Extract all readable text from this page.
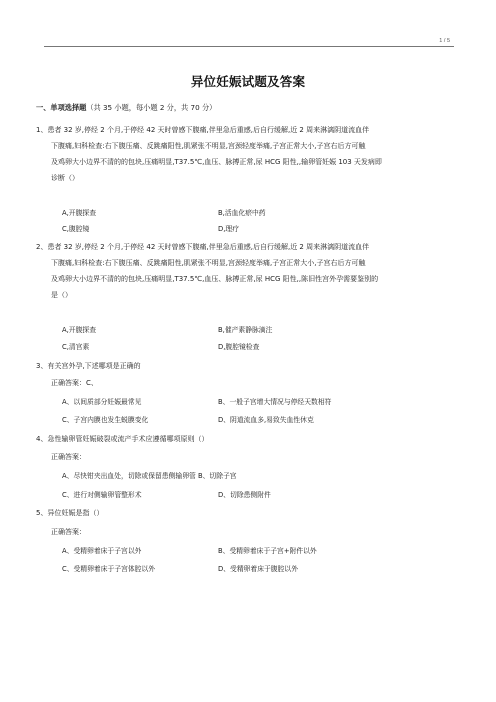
1 / 5
异位妊娠试题及答案
一、单项选择题（共 35 小题，每小题 2 分，共 70 分）
1、患者 32 岁,停经 2 个月,于停经 42 天时曾感下腹痛,伴里急后重感,后自行缓解,近 2 周来淋漓阴道流血伴
下腹痛,妇科检查:右下腹压痛、反跳痛阳性,肌紧张不明显,宫颈轻度举痛,子宫正常大小,子宫右后方可触
及鸡卵大小边界不清的的包块,压痛明显,T37.5℃,血压、脉搏正常,尿 HCG 阳性,,输卵管妊娠 103 天发病即
诊断（）
A,开腹探查	B,活血化瘀中药
C,腹腔镜	D,理疗
2、患者 32 岁,停经 2 个月,于停经 42 天时曾感下腹痛,伴里急后重感,后自行缓解,近 2 周来淋漓阴道流血伴
下腹痛,妇科检查:右下腹压痛、反跳痛阳性,肌紧张不明显,宫颈轻度举痛,子宫正常大小,子宫右后方可触
及鸡卵大小边界不清的的包块,压痛明显,T37.5℃,血压、脉搏正常,尿 HCG 阳性,,陈旧性宫外孕需要鉴别的
是（）
A,开腹探查	B,催产素静脉滴注
C,清宫素	D,腹腔镜检查
3、有关宫外孕,下述哪项是正确的
正确答案：C、
A、以间质部分妊娠最常见	B、一般子宫增大情况与停经天数相符
C、子宫内膜也发生蜕膜变化	D、阴道流血多,易致失血性休克
4、急性输卵管妊娠破裂或流产手术应遵循哪项原则（）
正确答案：
A、尽快钳夹出血处，切除或保留患侧输卵管 B、切除子宫
C、进行对侧输卵管整形术	D、切除患侧附件
5、异位妊娠是指（）
正确答案：
A、受精卵着床于子宫以外	B、受精卵着床于子宫+附件以外
C、受精卵着床于子宫体腔以外	D、受精卵着床于腹腔以外
